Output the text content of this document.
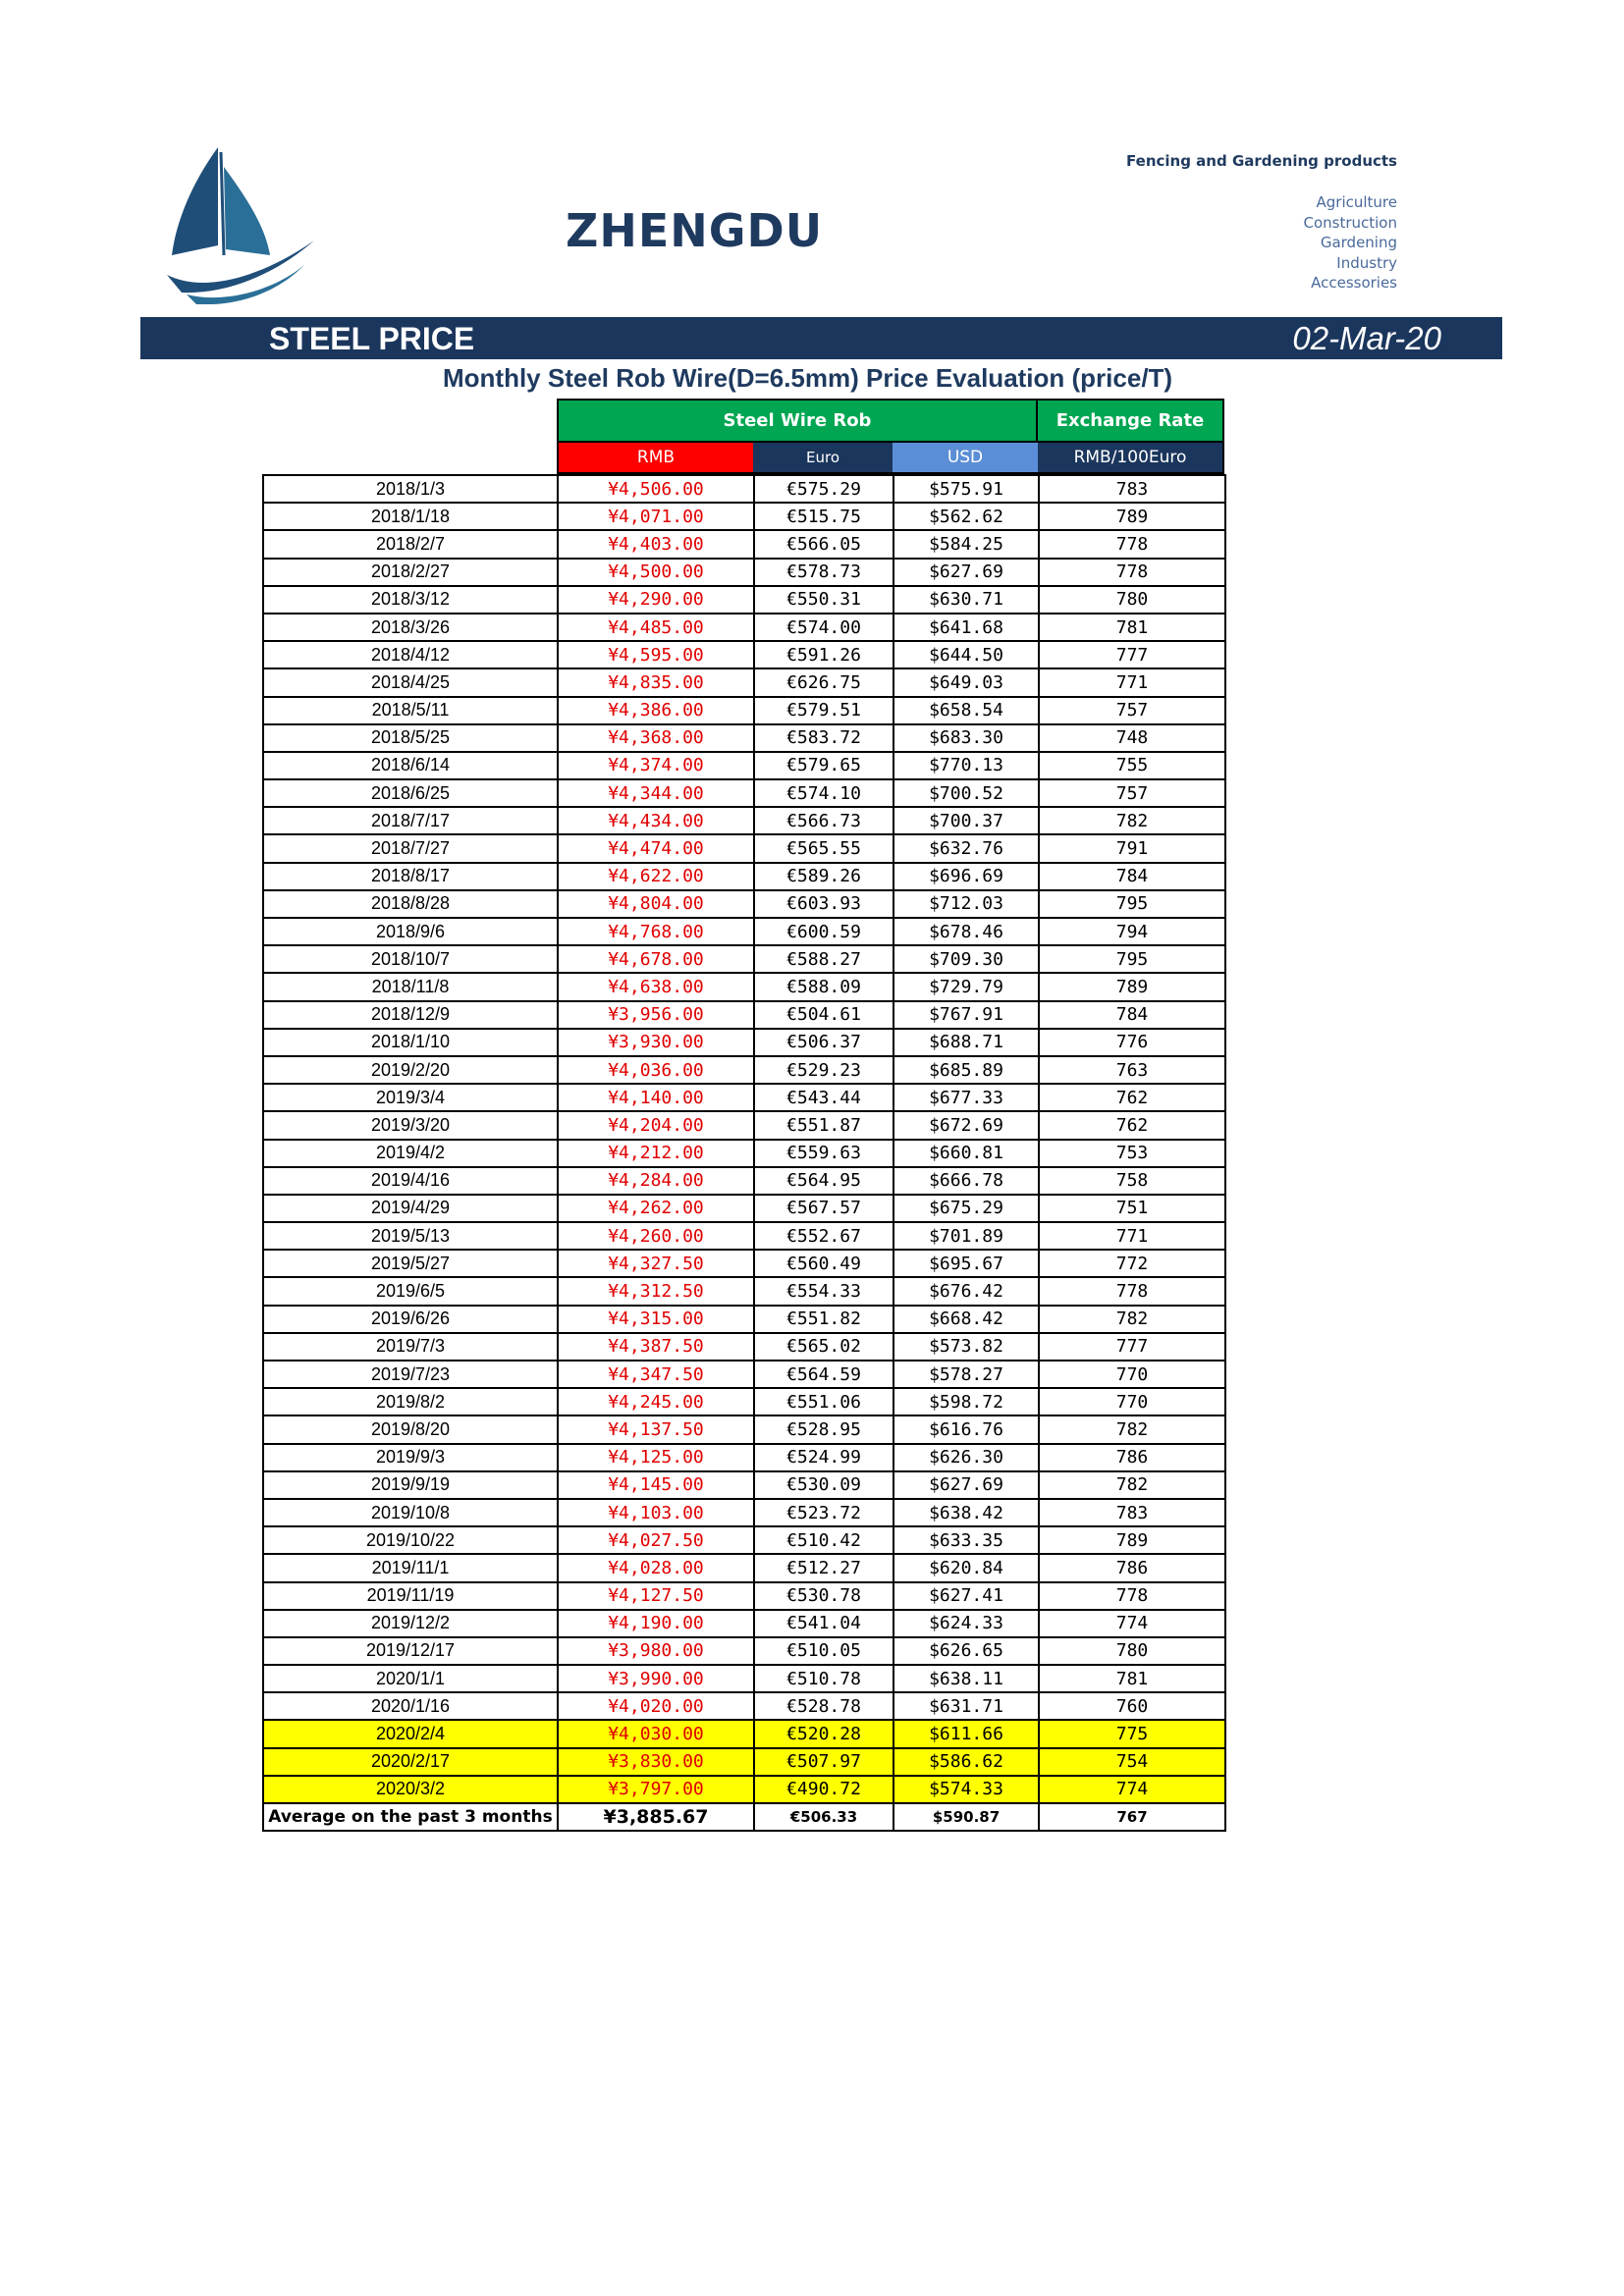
ZHENGDU
Fencing and Gardening products
Agriculture
Construction
Gardening
Industry
Accessories
STEEL PRICE	02-Mar-20
Monthly Steel Rob Wire(D=6.5mm) Price Evaluation (price/T)
Steel Wire Rob	Exchange Rate
RMB	Euro	USD	RMB/100Euro
2018/1/3	¥4,506.00	€575.29	$575.91	783
2018/1/18	¥4,071.00	€515.75	$562.62	789
2018/2/7	¥4,403.00	€566.05	$584.25	778
2018/2/27	¥4,500.00	€578.73	$627.69	778
2018/3/12	¥4,290.00	€550.31	$630.71	780
2018/3/26	¥4,485.00	€574.00	$641.68	781
2018/4/12	¥4,595.00	€591.26	$644.50	777
2018/4/25	¥4,835.00	€626.75	$649.03	771
2018/5/11	¥4,386.00	€579.51	$658.54	757
2018/5/25	¥4,368.00	€583.72	$683.30	748
2018/6/14	¥4,374.00	€579.65	$770.13	755
2018/6/25	¥4,344.00	€574.10	$700.52	757
2018/7/17	¥4,434.00	€566.73	$700.37	782
2018/7/27	¥4,474.00	€565.55	$632.76	791
2018/8/17	¥4,622.00	€589.26	$696.69	784
2018/8/28	¥4,804.00	€603.93	$712.03	795
2018/9/6	¥4,768.00	€600.59	$678.46	794
2018/10/7	¥4,678.00	€588.27	$709.30	795
2018/11/8	¥4,638.00	€588.09	$729.79	789
2018/12/9	¥3,956.00	€504.61	$767.91	784
2018/1/10	¥3,930.00	€506.37	$688.71	776
2019/2/20	¥4,036.00	€529.23	$685.89	763
2019/3/4	¥4,140.00	€543.44	$677.33	762
2019/3/20	¥4,204.00	€551.87	$672.69	762
2019/4/2	¥4,212.00	€559.63	$660.81	753
2019/4/16	¥4,284.00	€564.95	$666.78	758
2019/4/29	¥4,262.00	€567.57	$675.29	751
2019/5/13	¥4,260.00	€552.67	$701.89	771
2019/5/27	¥4,327.50	€560.49	$695.67	772
2019/6/5	¥4,312.50	€554.33	$676.42	778
2019/6/26	¥4,315.00	€551.82	$668.42	782
2019/7/3	¥4,387.50	€565.02	$573.82	777
2019/7/23	¥4,347.50	€564.59	$578.27	770
2019/8/2	¥4,245.00	€551.06	$598.72	770
2019/8/20	¥4,137.50	€528.95	$616.76	782
2019/9/3	¥4,125.00	€524.99	$626.30	786
2019/9/19	¥4,145.00	€530.09	$627.69	782
2019/10/8	¥4,103.00	€523.72	$638.42	783
2019/10/22	¥4,027.50	€510.42	$633.35	789
2019/11/1	¥4,028.00	€512.27	$620.84	786
2019/11/19	¥4,127.50	€530.78	$627.41	778
2019/12/2	¥4,190.00	€541.04	$624.33	774
2019/12/17	¥3,980.00	€510.05	$626.65	780
2020/1/1	¥3,990.00	€510.78	$638.11	781
2020/1/16	¥4,020.00	€528.78	$631.71	760
2020/2/4	¥4,030.00	€520.28	$611.66	775
2020/2/17	¥3,830.00	€507.97	$586.62	754
2020/3/2	¥3,797.00	€490.72	$574.33	774
Average on the past 3 months	¥3,885.67	€506.33	$590.87	767
